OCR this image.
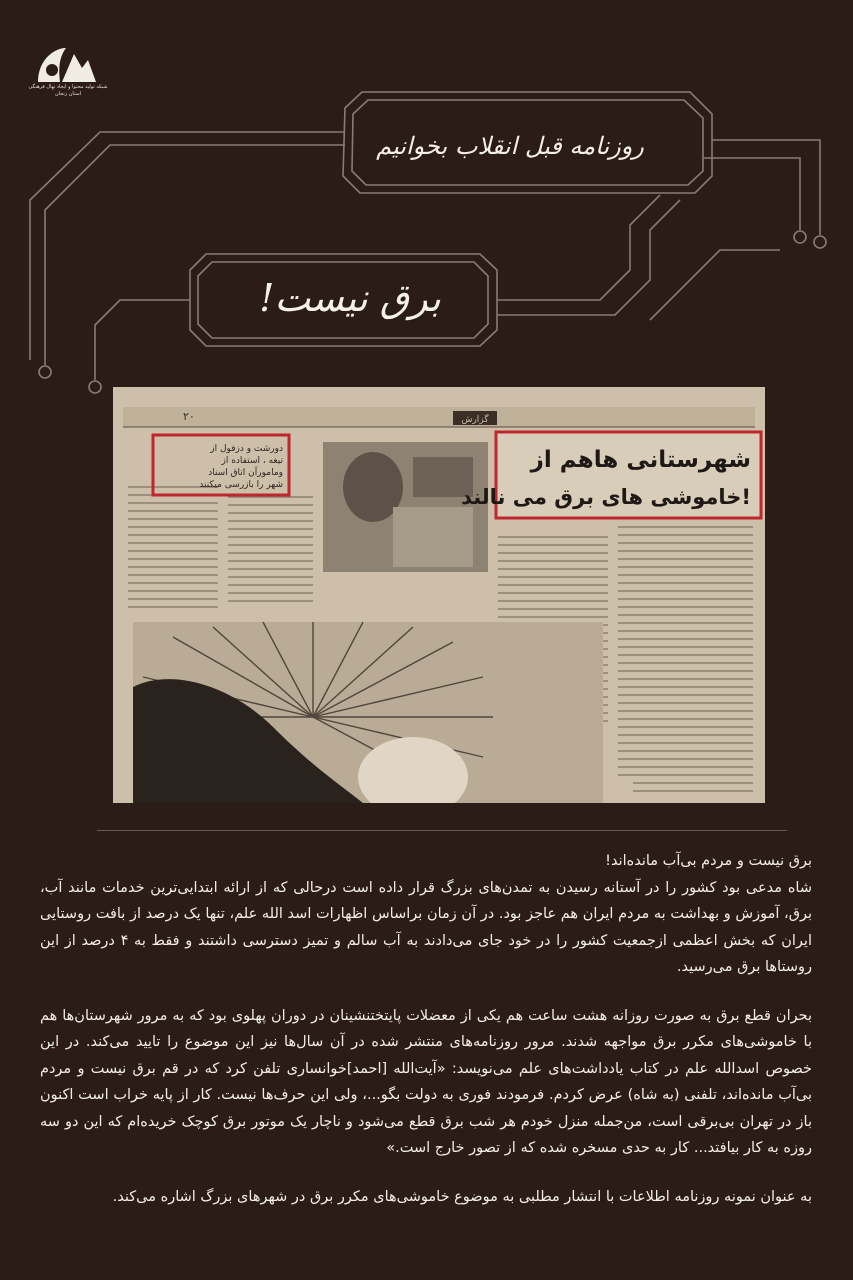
شبکه تولید محتوا و ایجاد نهال فرهنگی استان زنجان
روزنامه قبل انقلاب بخوانیم
برق نیست!
۲۰	گزارش
دورشت و دزفول از
تیغه ، استفاده از
ومامورآن اتاق اسناد
شهر را بازرسی میکنند
شهرستانی هاهم از
خاموشی های برق می نالند!

برق نیست و مردم بی‌آب مانده‌اند!

شاه مدعی بود کشور را در آستانه رسیدن به تمدن‌های بزرگ قرار داده است درحالی که از ارائه ابتدایی‌ترین خدمات مانند آب، برق، آموزش و بهداشت به مردم ایران هم عاجز بود. در آن زمان براساس اظهارات اسد الله علم، تنها یک درصد از بافت روستایی ایران که بخش اعظمی ازجمعیت کشور را در خود جای می‌دادند به آب سالم و تمیز دسترسی داشتند و فقط به ۴ درصد از این روستاها برق می‌رسید.

بحران قطع برق به صورت روزانه هشت ساعت هم یکی از معضلات پایتختنشینان در دوران پهلوی بود که به مرور شهرستان‌ها هم با خاموشی‌های مکرر برق مواجهه شدند. مرور روزنامه‌های منتشر شده در آن سال‌ها نیز این موضوع را تایید می‌کند. در این خصوص اسدالله علم در کتاب یادداشت‌های علم می‌نویسد: «آیت‌الله [احمد]خوانساری تلفن کرد که در قم برق نیست و مردم بی‌آب مانده‌اند، تلفنی (به شاه) عرض کردم. فرمودند فوری به دولت بگو...، ولی این حرف‌ها نیست. کار از پایه خراب است اکنون باز در تهران بی‌برقی است، من‌جمله منزل خودم هر شب برق قطع می‌شود و ناچار یک موتور برق کوچک خریده‌ام که این دو سه روزه به کار بیافتد... کار به حدی مسخره شده که از تصور خارج است.»

به عنوان نمونه روزنامه اطلاعات با انتشار مطلبی به موضوع خاموشی‌های مکرر برق در شهرهای بزرگ اشاره می‌کند.
